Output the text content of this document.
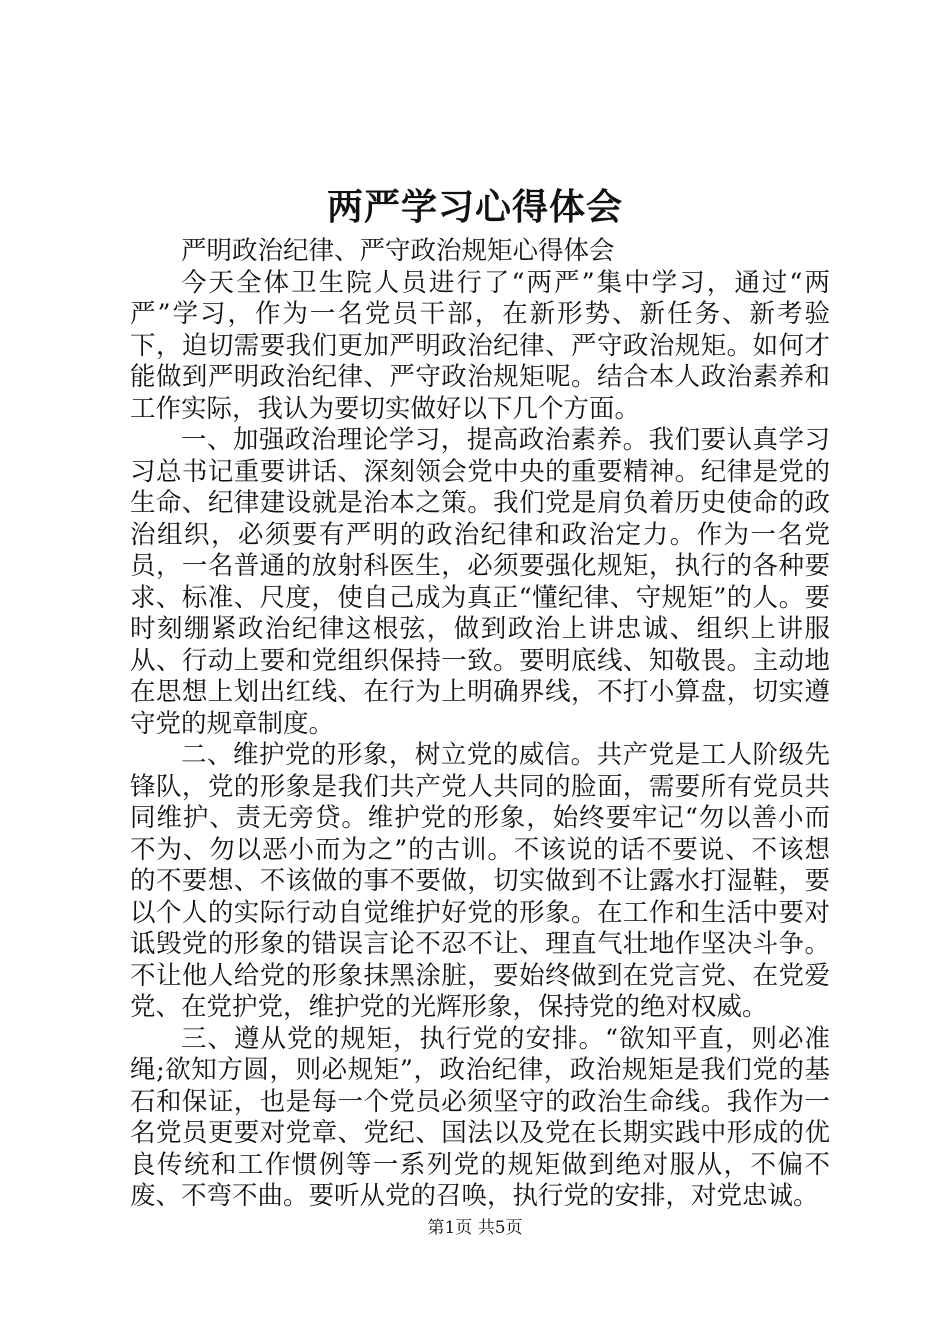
两严学习心得体会

严明政治纪律、严守政治规矩心得体会

今天全体卫生院人员进行了“两严”集中学习，通过“两严”学习，作为一名党员干部，在新形势、新任务、新考验下，迫切需要我们更加严明政治纪律、严守政治规矩。如何才能做到严明政治纪律、严守政治规矩呢。结合本人政治素养和工作实际，我认为要切实做好以下几个方面。

一、加强政治理论学习，提高政治素养。我们要认真学习习总书记重要讲话、深刻领会党中央的重要精神。纪律是党的生命、纪律建设就是治本之策。我们党是肩负着历史使命的政治组织，必须要有严明的政治纪律和政治定力。作为一名党员，一名普通的放射科医生，必须要强化规矩，执行的各种要求、标准、尺度，使自己成为真正“懂纪律、守规矩”的人。要时刻绷紧政治纪律这根弦，做到政治上讲忠诚、组织上讲服从、行动上要和党组织保持一致。要明底线、知敬畏。主动地在思想上划出红线、在行为上明确界线，不打小算盘，切实遵守党的规章制度。

二、维护党的形象，树立党的威信。共产党是工人阶级先锋队，党的形象是我们共产党人共同的脸面，需要所有党员共同维护、责无旁贷。维护党的形象，始终要牢记“勿以善小而不为、勿以恶小而为之”的古训。不该说的话不要说、不该想的不要想、不该做的事不要做，切实做到不让露水打湿鞋，要以个人的实际行动自觉维护好党的形象。在工作和生活中要对诋毁党的形象的错误言论不忍不让、理直气壮地作坚决斗争。不让他人给党的形象抹黑涂脏，要始终做到在党言党、在党爱党、在党护党，维护党的光辉形象，保持党的绝对权威。

三、遵从党的规矩，执行党的安排。“欲知平直，则必准绳;欲知方圆，则必规矩”，政治纪律，政治规矩是我们党的基石和保证，也是每一个党员必须坚守的政治生命线。我作为一名党员更要对党章、党纪、国法以及党在长期实践中形成的优良传统和工作惯例等一系列党的规矩做到绝对服从，不偏不废、不弯不曲。要听从党的召唤，执行党的安排，对党忠诚。

第1页 共5页
